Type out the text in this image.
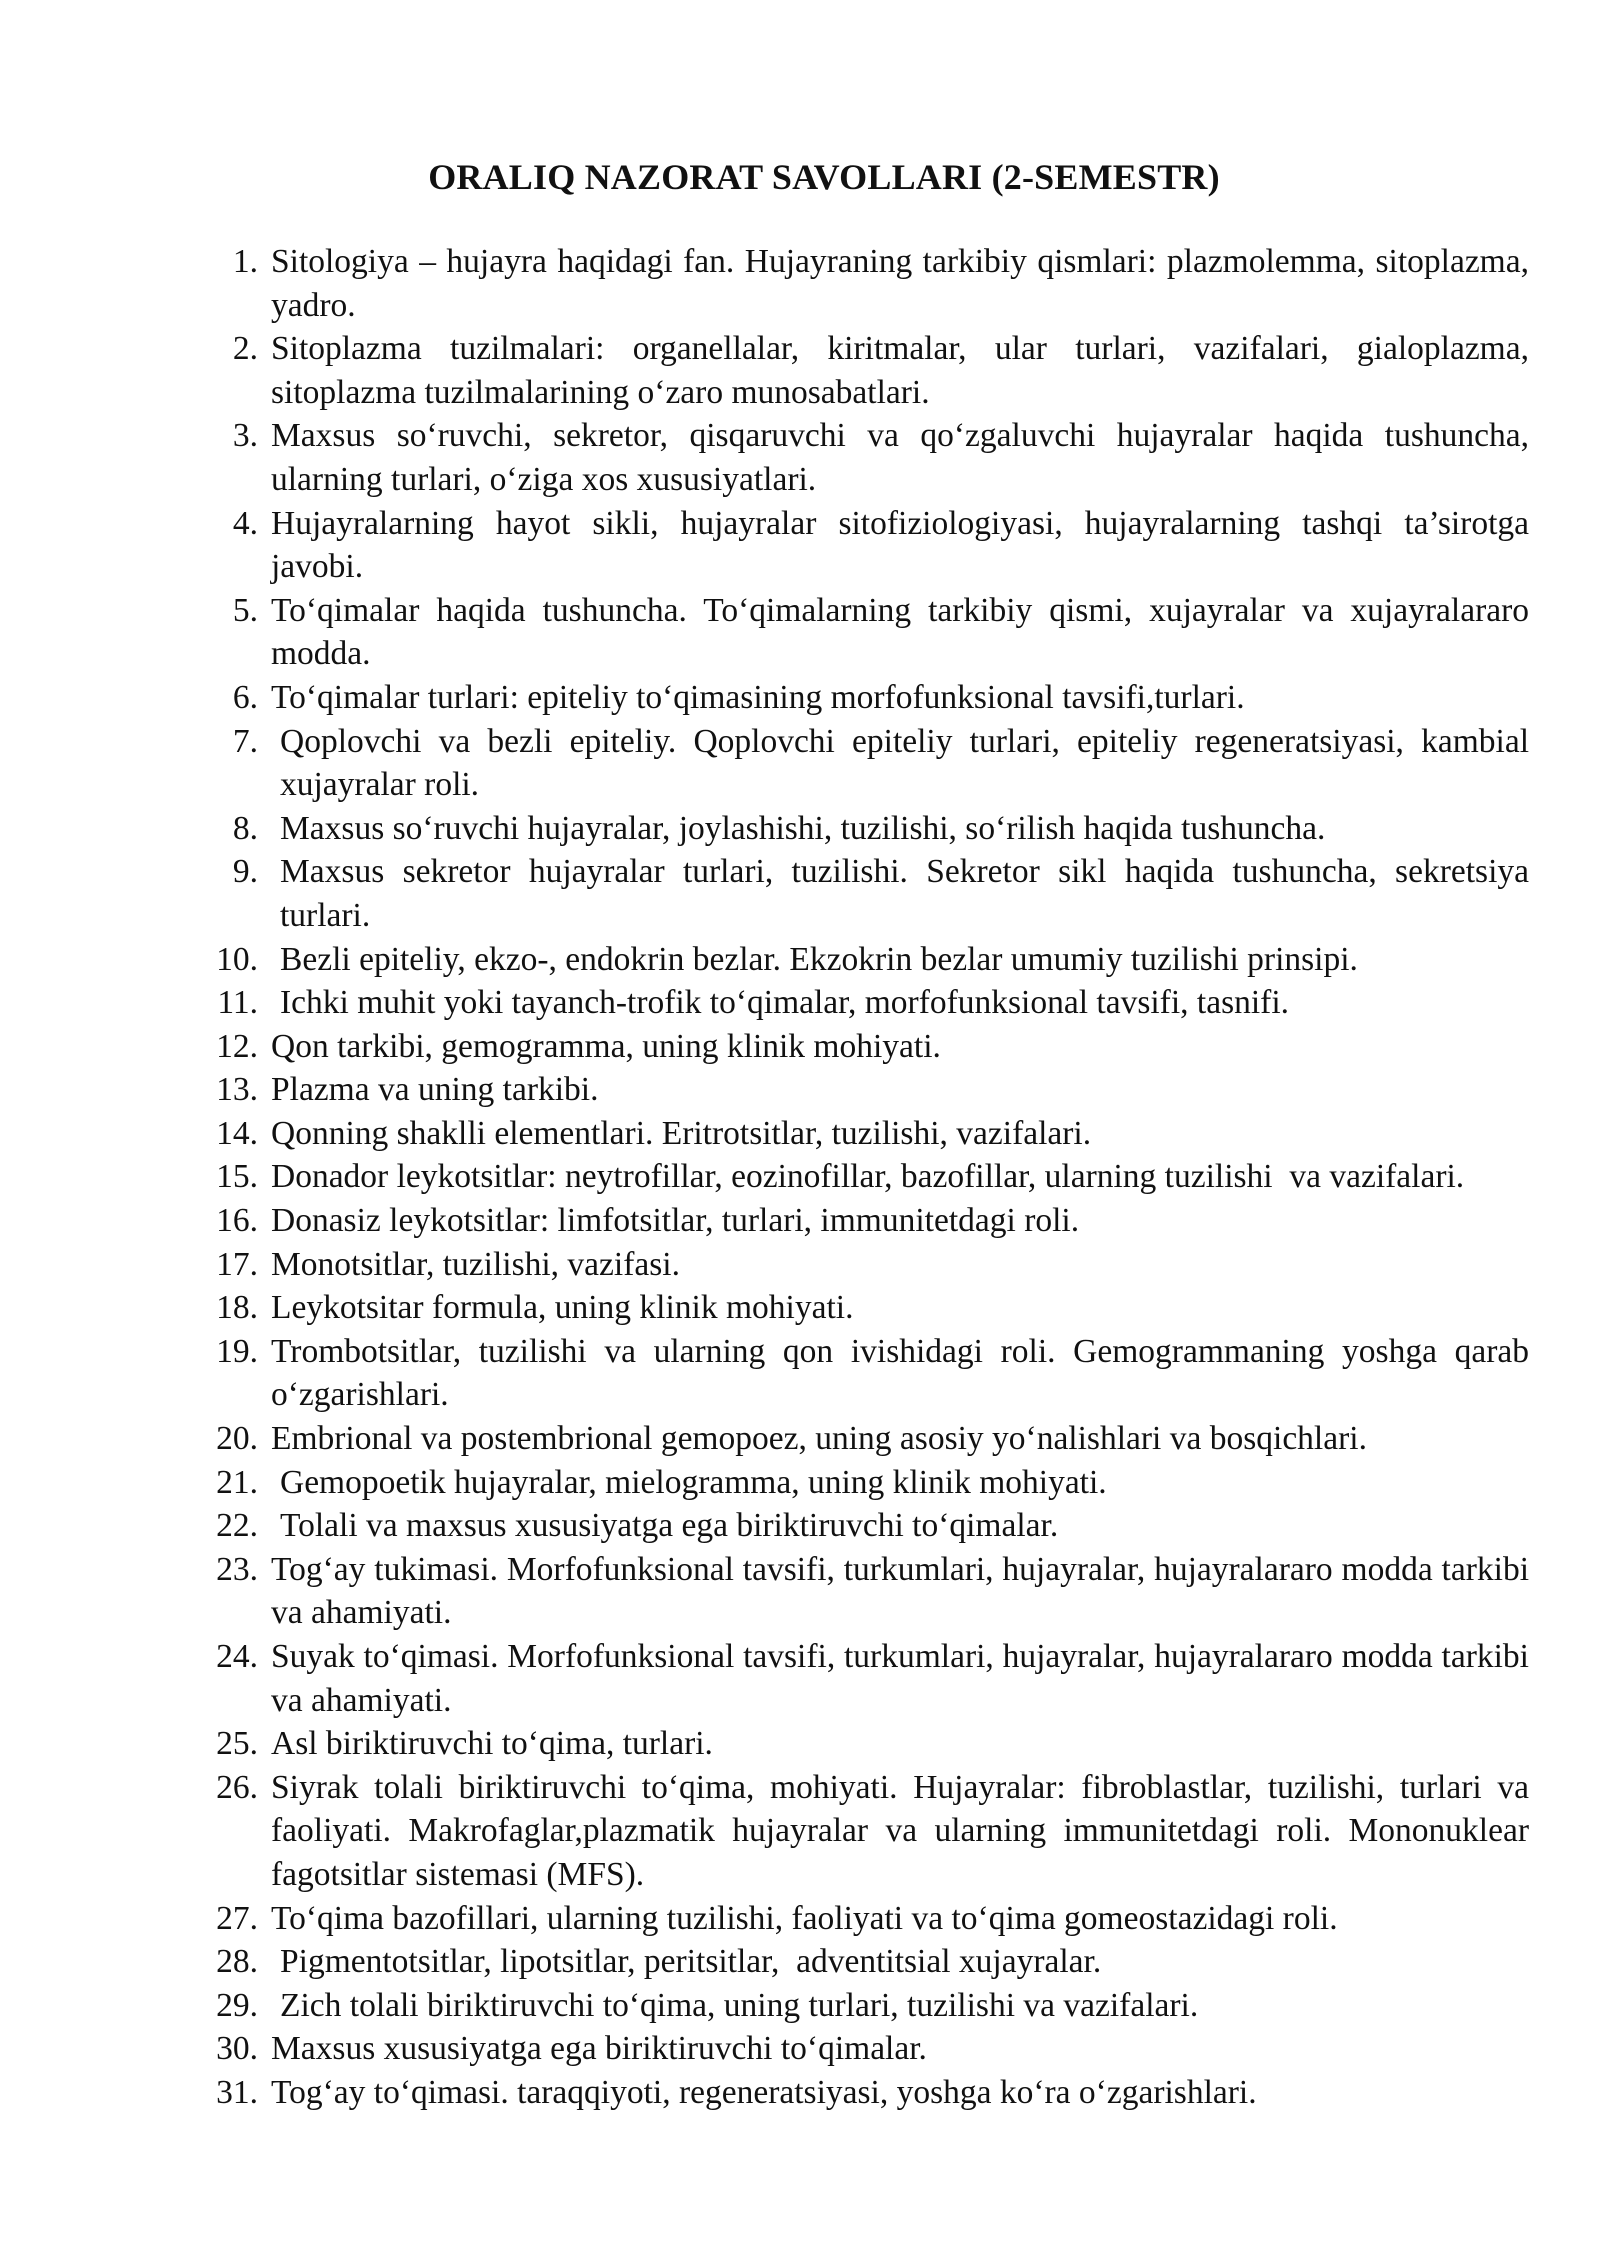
ORALIQ NAZORAT SAVOLLARI (2-SEMESTR)
1. Sitologiya – hujayra haqidagi fan. Hujayraning tarkibiy qismlari: plazmolemma, sitoplazma, yadro.
2. Sitoplazma tuzilmalari: organellalar, kiritmalar, ular turlari, vazifalari, gialoplazma, sitoplazma tuzilmalarining o‘zaro munosabatlari.
3. Maxsus so‘ruvchi, sekretor, qisqaruvchi va qo‘zgaluvchi hujayralar haqida tushuncha, ularning turlari, o‘ziga xos xususiyatlari.
4. Hujayralarning hayot sikli, hujayralar sitofiziologiyasi, hujayralarning tashqi ta’sirotga javobi.
5. To‘qimalar haqida tushuncha. To‘qimalarning tarkibiy qismi, xujayralar va xujayralararo modda.
6. To‘qimalar turlari: epiteliy to‘qimasining morfofunksional tavsifi,turlari.
7. Qoplovchi va bezli epiteliy. Qoplovchi epiteliy turlari, epiteliy regeneratsiyasi, kambial xujayralar roli.
8. Maxsus so‘ruvchi hujayralar, joylashishi, tuzilishi, so‘rilish haqida tushuncha.
9. Maxsus sekretor hujayralar turlari, tuzilishi. Sekretor sikl haqida tushuncha, sekretsiya turlari.
10. Bezli epiteliy, ekzo-, endokrin bezlar. Ekzokrin bezlar umumiy tuzilishi prinsipi.
11. Ichki muhit yoki tayanch-trofik to‘qimalar, morfofunksional tavsifi, tasnifi.
12. Qon tarkibi, gemogramma, uning klinik mohiyati.
13. Plazma va uning tarkibi.
14. Qonning shaklli elementlari. Eritrotsitlar, tuzilishi, vazifalari.
15. Donador leykotsitlar: neytrofillar, eozinofillar, bazofillar, ularning tuzilishi  va vazifalari.
16. Donasiz leykotsitlar: limfotsitlar, turlari, immunitetdagi roli.
17. Monotsitlar, tuzilishi, vazifasi.
18. Leykotsitar formula, uning klinik mohiyati.
19. Trombotsitlar, tuzilishi va ularning qon ivishidagi roli. Gemogrammaning yoshga qarab o‘zgarishlari.
20. Embrional va postembrional gemopoez, uning asosiy yo‘nalishlari va bosqichlari.
21. Gemopoetik hujayralar, mielogramma, uning klinik mohiyati.
22. Tolali va maxsus xususiyatga ega biriktiruvchi to‘qimalar.
23. Tog‘ay tukimasi. Morfofunksional tavsifi, turkumlari, hujayralar, hujayralararo modda tarkibi va ahamiyati.
24. Suyak to‘qimasi. Morfofunksional tavsifi, turkumlari, hujayralar, hujayralararo modda tarkibi va ahamiyati.
25. Asl biriktiruvchi to‘qima, turlari.
26. Siyrak tolali biriktiruvchi to‘qima, mohiyati. Hujayralar: fibroblastlar, tuzilishi, turlari va faoliyati. Makrofaglar,plazmatik hujayralar va ularning immunitetdagi roli. Mononuklear fagotsitlar sistemasi (MFS).
27. To‘qima bazofillari, ularning tuzilishi, faoliyati va to‘qima gomeostazidagi roli.
28. Pigmentotsitlar, lipotsitlar, peritsitlar,  adventitsial xujayralar.
29. Zich tolali biriktiruvchi to‘qima, uning turlari, tuzilishi va vazifalari.
30. Maxsus xususiyatga ega biriktiruvchi to‘qimalar.
31. Tog‘ay to‘qimasi. taraqqiyoti, regeneratsiyasi, yoshga ko‘ra o‘zgarishlari.
